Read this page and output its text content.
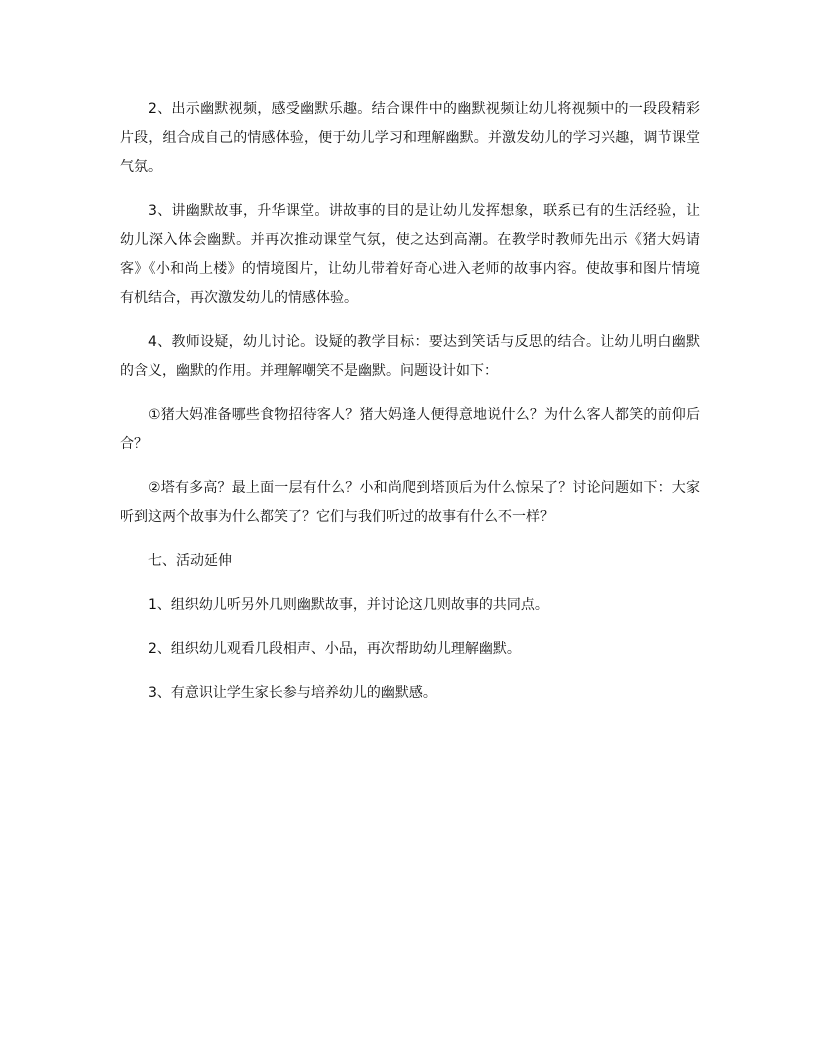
2、出示幽默视频，感受幽默乐趣。结合课件中的幽默视频让幼儿将视频中的一段段精彩片段，组合成自己的情感体验，便于幼儿学习和理解幽默。并激发幼儿的学习兴趣，调节课堂气氛。

3、讲幽默故事，升华课堂。讲故事的目的是让幼儿发挥想象，联系已有的生活经验，让幼儿深入体会幽默。并再次推动课堂气氛，使之达到高潮。在教学时教师先出示《猪大妈请客》《小和尚上楼》的情境图片，让幼儿带着好奇心进入老师的故事内容。使故事和图片情境有机结合，再次激发幼儿的情感体验。

4、教师设疑，幼儿讨论。设疑的教学目标：要达到笑话与反思的结合。让幼儿明白幽默的含义，幽默的作用。并理解嘲笑不是幽默。问题设计如下：

①猪大妈准备哪些食物招待客人？猪大妈逢人便得意地说什么？为什么客人都笑的前仰后合？

②塔有多高？最上面一层有什么？小和尚爬到塔顶后为什么惊呆了？讨论问题如下：大家听到这两个故事为什么都笑了？它们与我们听过的故事有什么不一样？

七、活动延伸

1、组织幼儿听另外几则幽默故事，并讨论这几则故事的共同点。

2、组织幼儿观看几段相声、小品，再次帮助幼儿理解幽默。

3、有意识让学生家长参与培养幼儿的幽默感。
